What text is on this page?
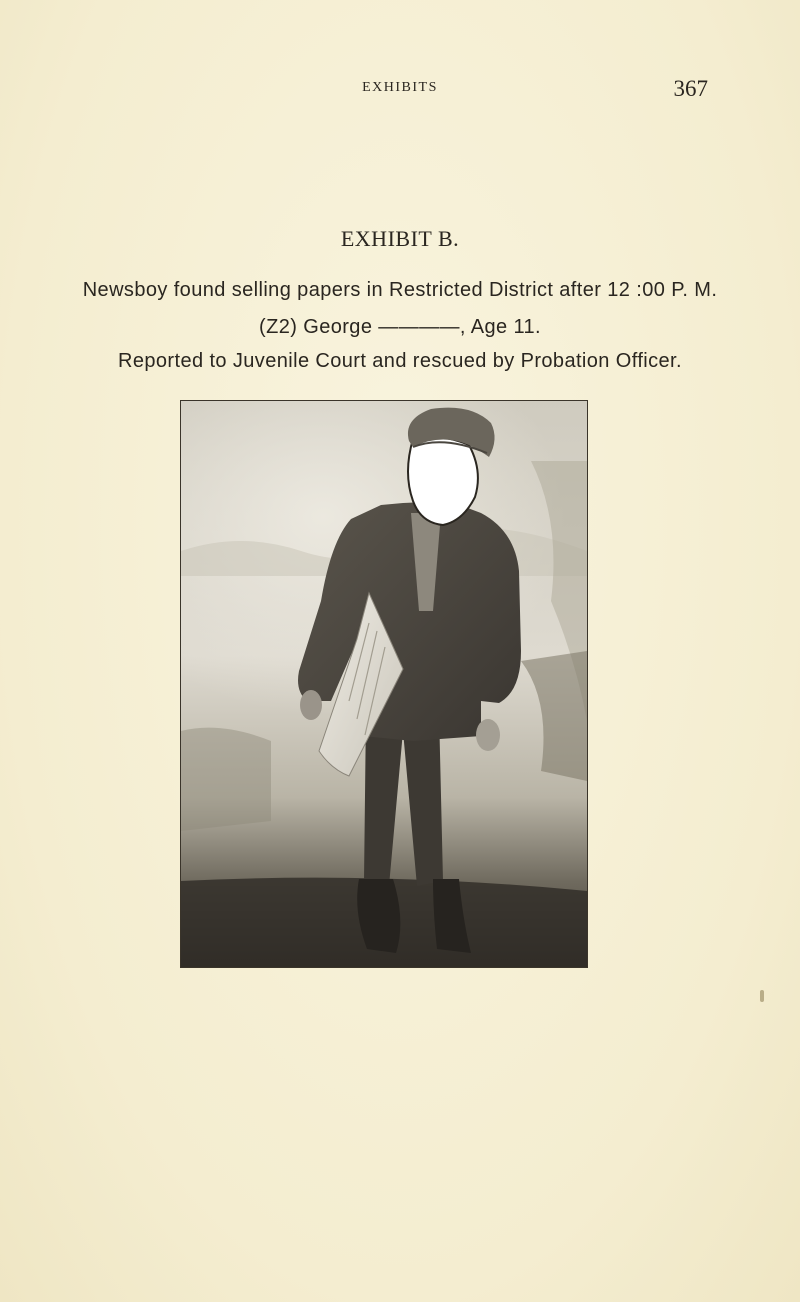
EXHIBITS	367
EXHIBIT B.
Newsboy found selling papers in Restricted District after 12 :00 P. M.
(Z2) George ————, Age 11.
Reported to Juvenile Court and rescued by Probation Officer.
